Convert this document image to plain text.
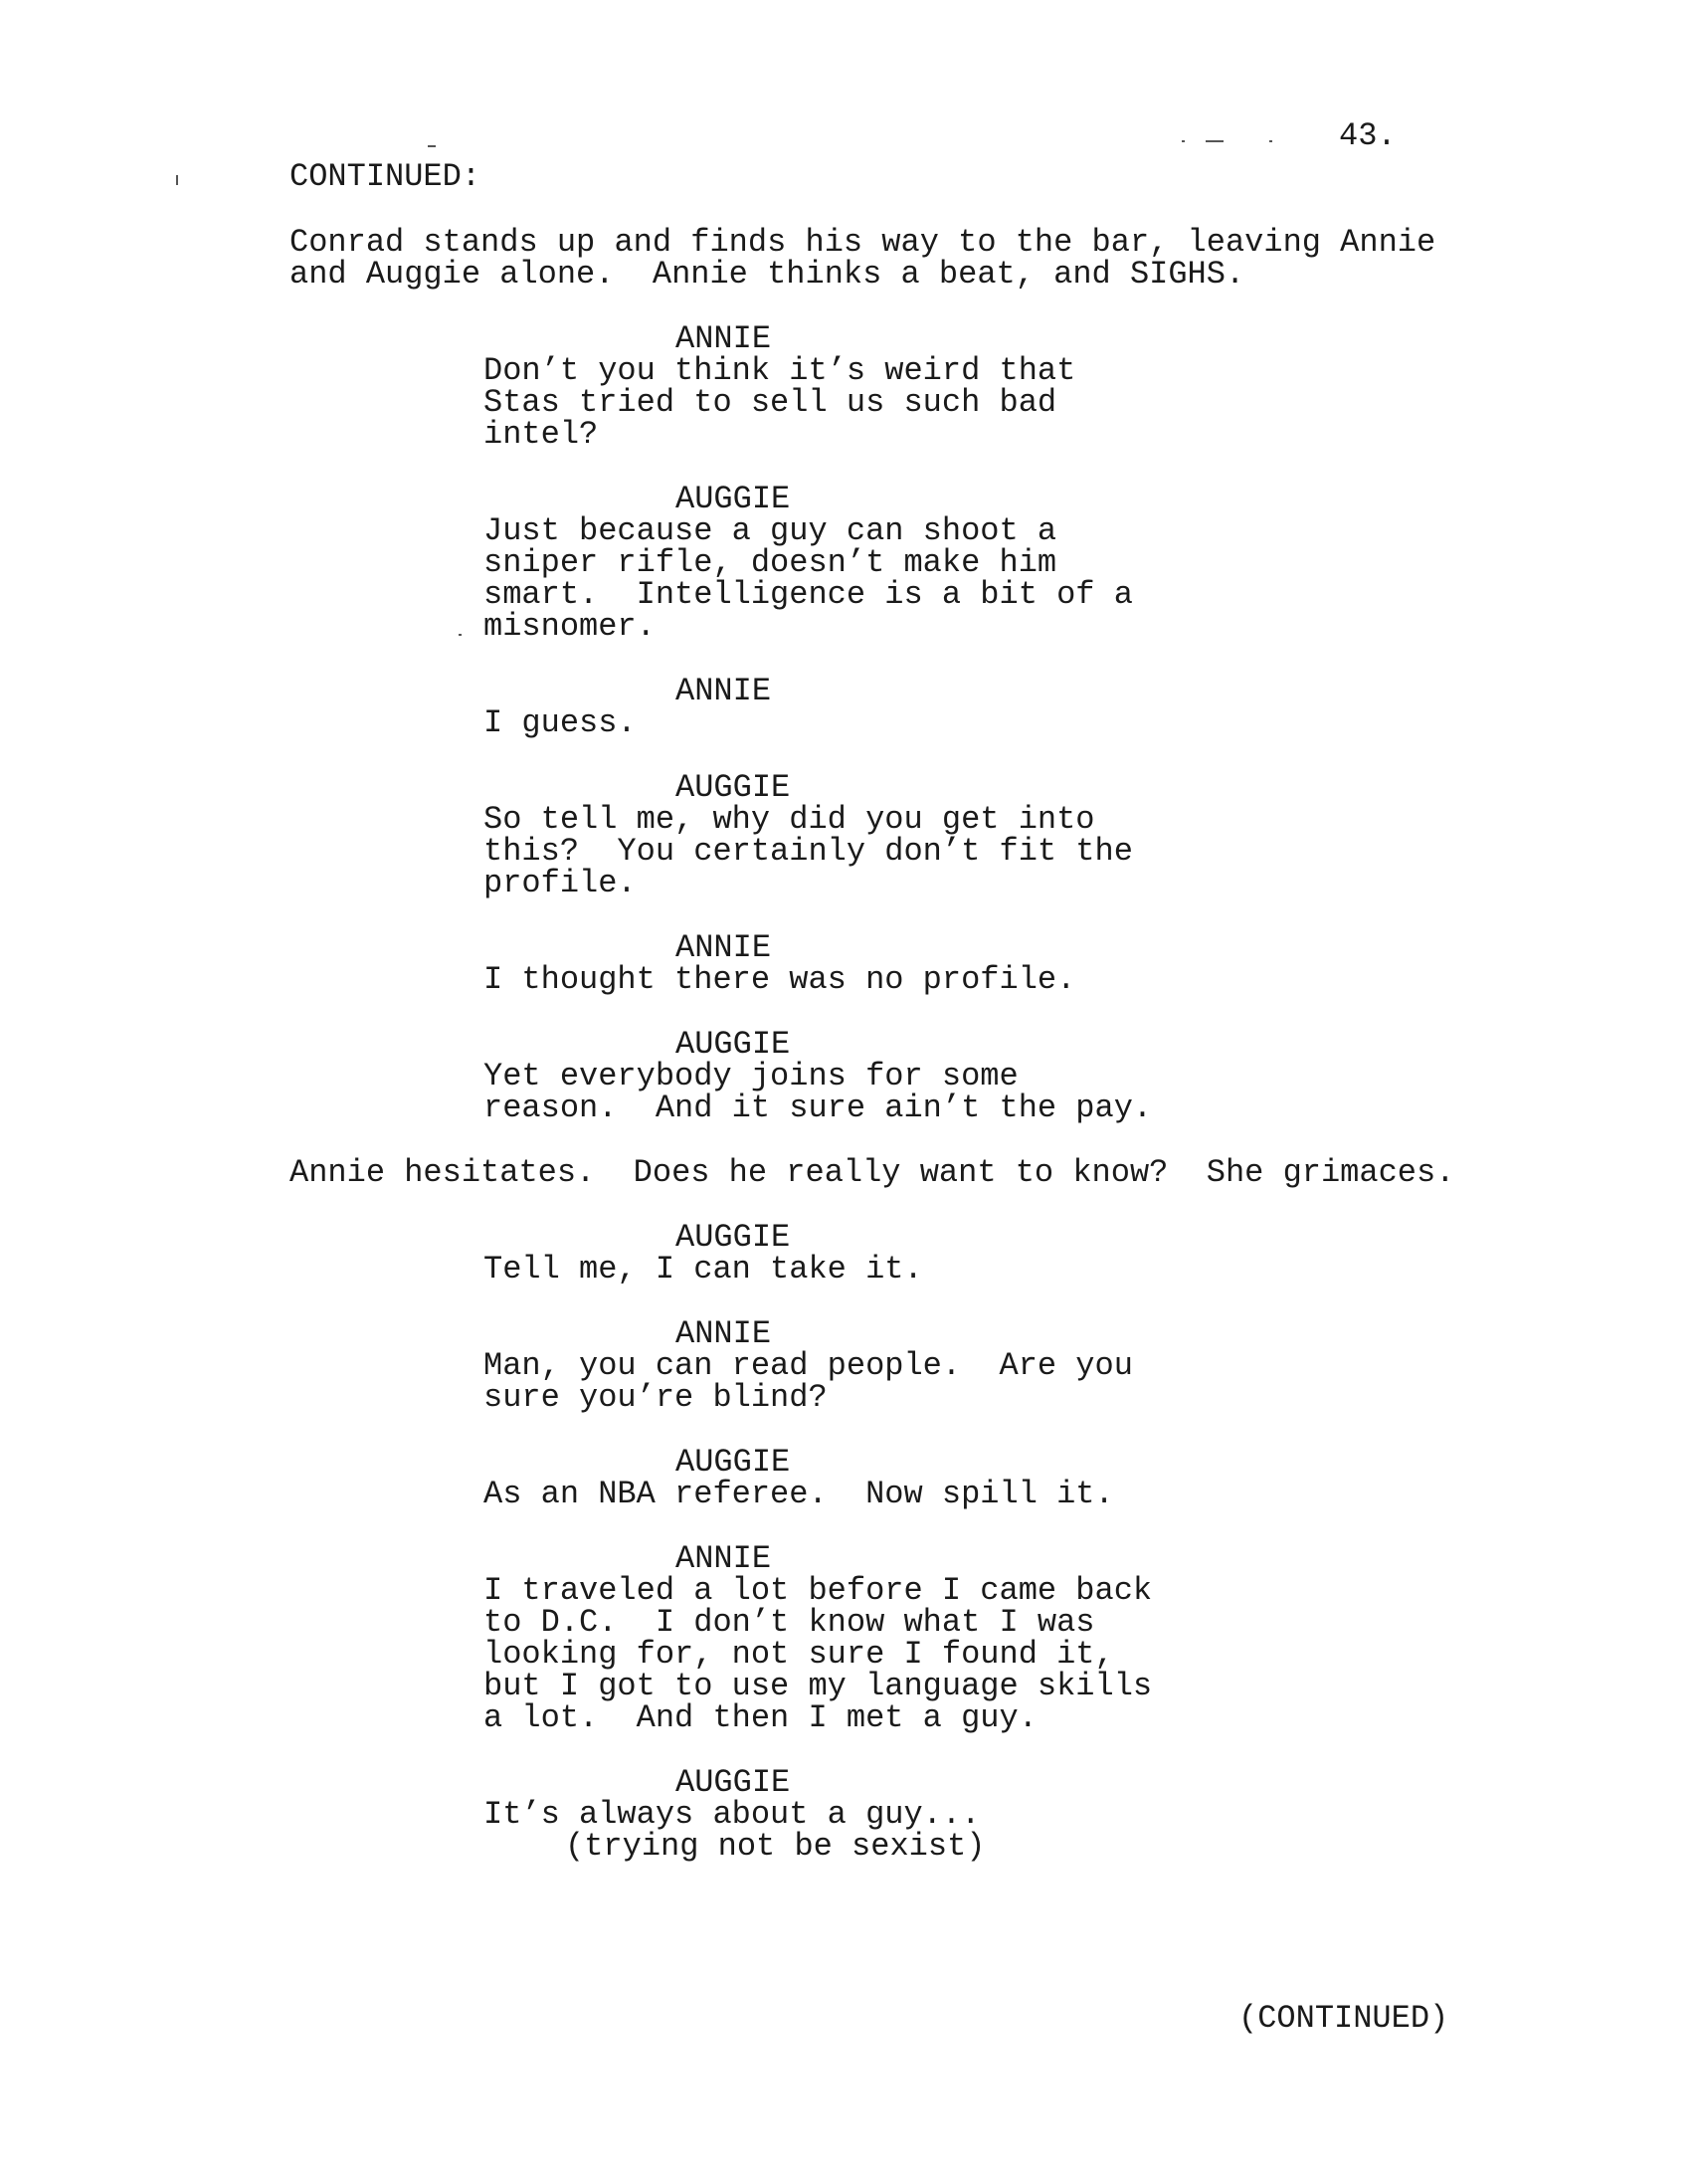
43.
CONTINUED:
Conrad stands up and finds his way to the bar, leaving Annie
and Auggie alone.  Annie thinks a beat, and SIGHS.
ANNIE
Don’t you think it’s weird that
Stas tried to sell us such bad
intel?
AUGGIE
Just because a guy can shoot a
sniper rifle, doesn’t make him
smart.  Intelligence is a bit of a
misnomer.
ANNIE
I guess.
AUGGIE
So tell me, why did you get into
this?  You certainly don’t fit the
profile.
ANNIE
I thought there was no profile.
AUGGIE
Yet everybody joins for some
reason.  And it sure ain’t the pay.
Annie hesitates.  Does he really want to know?  She grimaces.
AUGGIE
Tell me, I can take it.
ANNIE
Man, you can read people.  Are you
sure you’re blind?
AUGGIE
As an NBA referee.  Now spill it.
ANNIE
I traveled a lot before I came back
to D.C.  I don’t know what I was
looking for, not sure I found it,
but I got to use my language skills
a lot.  And then I met a guy.
AUGGIE
It’s always about a guy...
(trying not be sexist)
(CONTINUED)
